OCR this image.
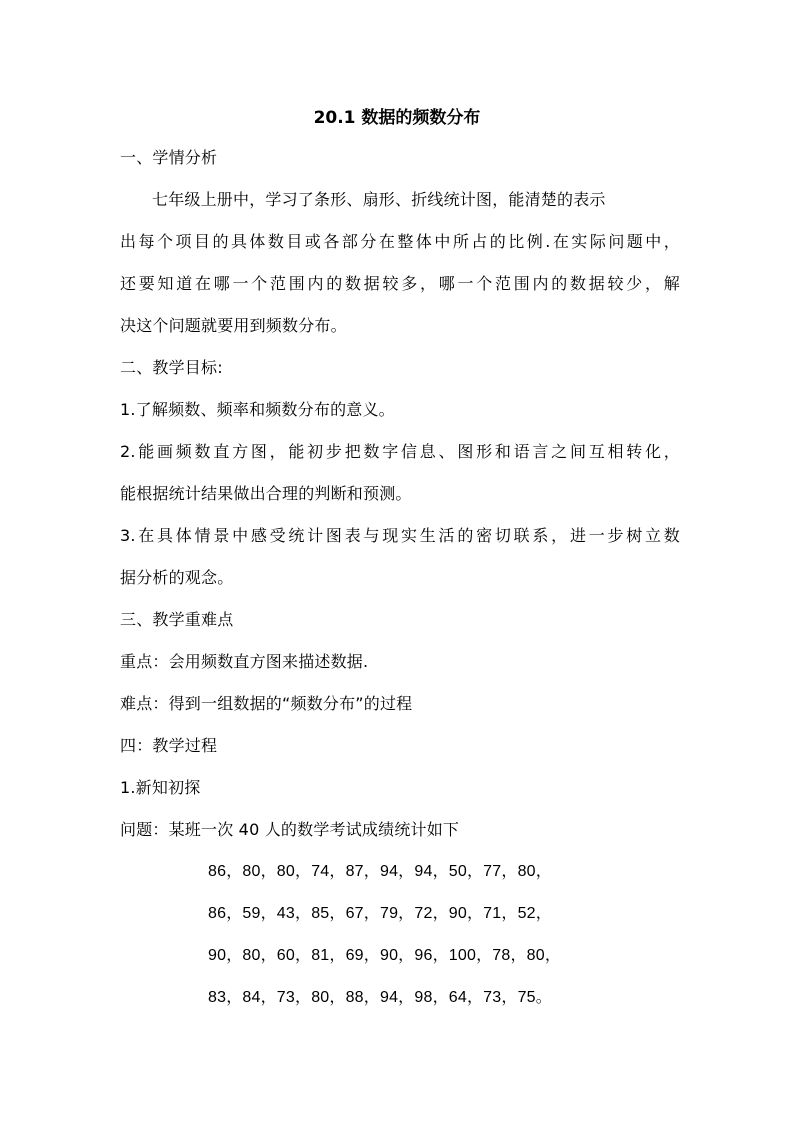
20.1 数据的频数分布
一、学情分析
七年级上册中，学习了条形、扇形、折线统计图，能清楚的表示
出每个项目的具体数目或各部分在整体中所占的比例.在实际问题中，
还要知道在哪一个范围内的数据较多，哪一个范围内的数据较少，解
决这个问题就要用到频数分布。
二、教学目标:
1.了解频数、频率和频数分布的意义。
2.能画频数直方图，能初步把数字信息、图形和语言之间互相转化，
能根据统计结果做出合理的判断和预测。
3.在具体情景中感受统计图表与现实生活的密切联系，进一步树立数
据分析的观念。
三、教学重难点
重点：会用频数直方图来描述数据.
难点：得到一组数据的“频数分布”的过程
四：教学过程
1.新知初探
问题：某班一次 40 人的数学考试成绩统计如下
86，80，80，74，87，94，94，50，77，80，
86，59，43，85，67，79，72，90，71，52，
90，80，60，81，69，90，96，100，78，80，
83，84，73，80，88，94，98，64，73，75。
